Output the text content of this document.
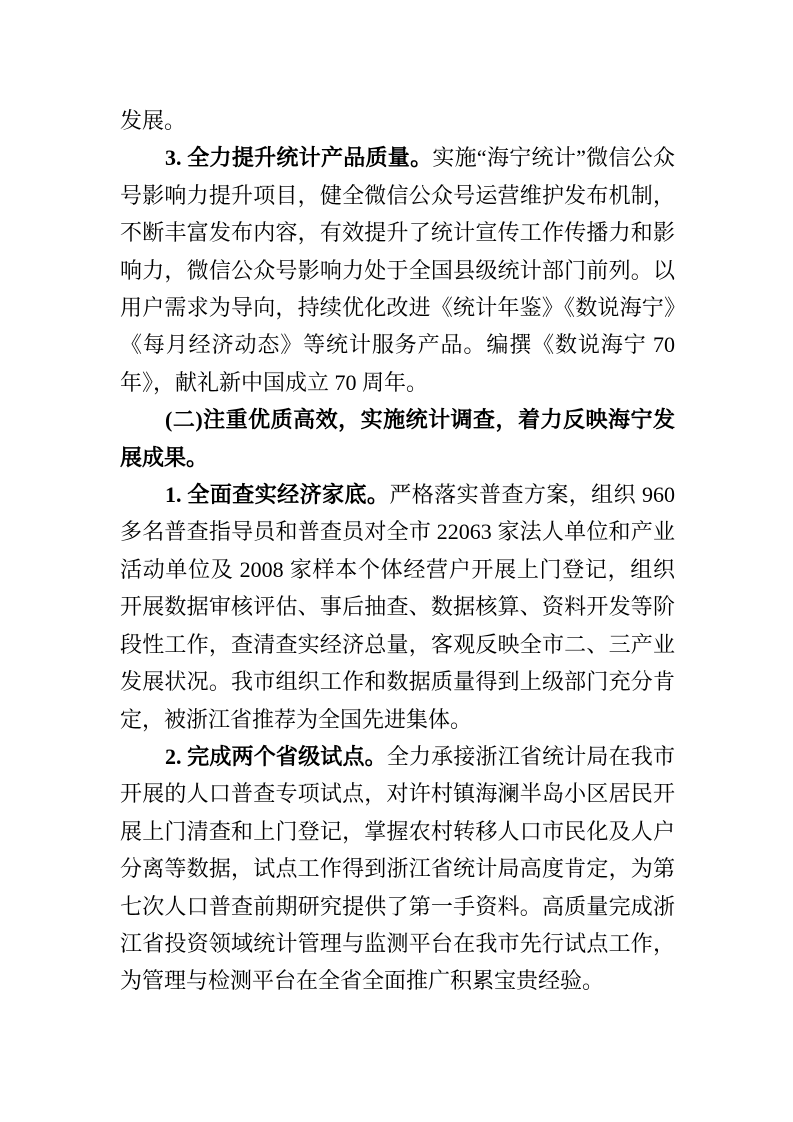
发展。

3. 全力提升统计产品质量。实施“海宁统计”微信公众号影响力提升项目，健全微信公众号运营维护发布机制，不断丰富发布内容，有效提升了统计宣传工作传播力和影响力，微信公众号影响力处于全国县级统计部门前列。以用户需求为导向，持续优化改进《统计年鉴》《数说海宁》《每月经济动态》等统计服务产品。编撰《数说海宁 70 年》，献礼新中国成立 70 周年。

(二)注重优质高效，实施统计调查，着力反映海宁发展成果。

1. 全面查实经济家底。严格落实普查方案，组织 960 多名普查指导员和普查员对全市 22063 家法人单位和产业活动单位及 2008 家样本个体经营户开展上门登记，组织开展数据审核评估、事后抽查、数据核算、资料开发等阶段性工作，查清查实经济总量，客观反映全市二、三产业发展状况。我市组织工作和数据质量得到上级部门充分肯定，被浙江省推荐为全国先进集体。

2. 完成两个省级试点。全力承接浙江省统计局在我市开展的人口普查专项试点，对许村镇海澜半岛小区居民开展上门清查和上门登记，掌握农村转移人口市民化及人户分离等数据，试点工作得到浙江省统计局高度肯定，为第七次人口普查前期研究提供了第一手资料。高质量完成浙江省投资领域统计管理与监测平台在我市先行试点工作，为管理与检测平台在全省全面推广积累宝贵经验。
